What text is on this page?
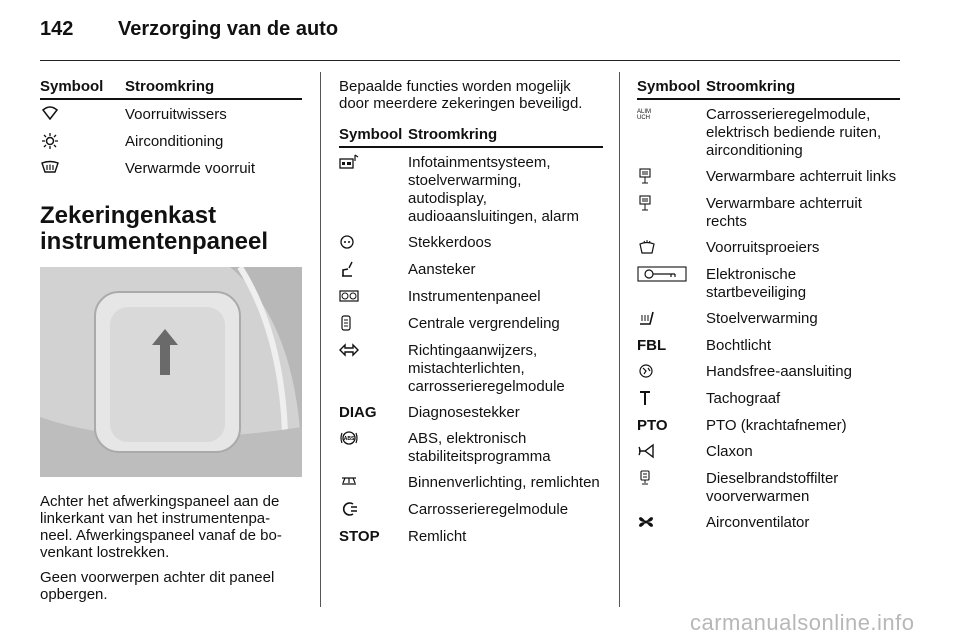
142	Verzorging van de auto
Symbool	Stroomkring

	Voorruitwissers

	Airconditioning

	Verwarmde voorruit
Zekeringenkast instrumentenpaneel

Achter het afwerkingspaneel aan de linkerkant van het instrumentenpa-neel. Afwerkingspaneel vanaf de bo-venkant lostrekken.

Geen voorwerpen achter dit paneel opbergen.

Bepaalde functies worden mogelijk door meerdere zekeringen beveiligd.

Symbool	Stroomkring

	Infotainmentsysteem, stoelverwarming, autodisplay, audioaansluitingen, alarm

	Stekkerdoos

	Aansteker

	Instrumentenpaneel

	Centrale vergrendeling

	Richtingaanwijzers, mistachterlichten, carrosserieregelmodule
DIAG	Diagnosestekker

ABS	ABS, elektronisch stabiliteitsprogramma

	Binnenverlichting, remlichten

	Carrosserieregelmodule
STOP	Remlicht
Symbool	Stroomkring
ALIM
UCH	Carrosserieregelmodule, elektrisch bediende ruiten, airconditioning

	Verwarmbare achterruit links

	Verwarmbare achterruit rechts

	Voorruitsproeiers

	Elektronische startbeveiliging

	Stoelverwarming
FBL	Bochtlicht

	Handsfree-aansluiting

	Tachograaf
PTO	PTO (krachtafnemer)

	Claxon

	Dieselbrandstoffilter voorverwarmen

	Airconventilator
carmanualsonline.info
